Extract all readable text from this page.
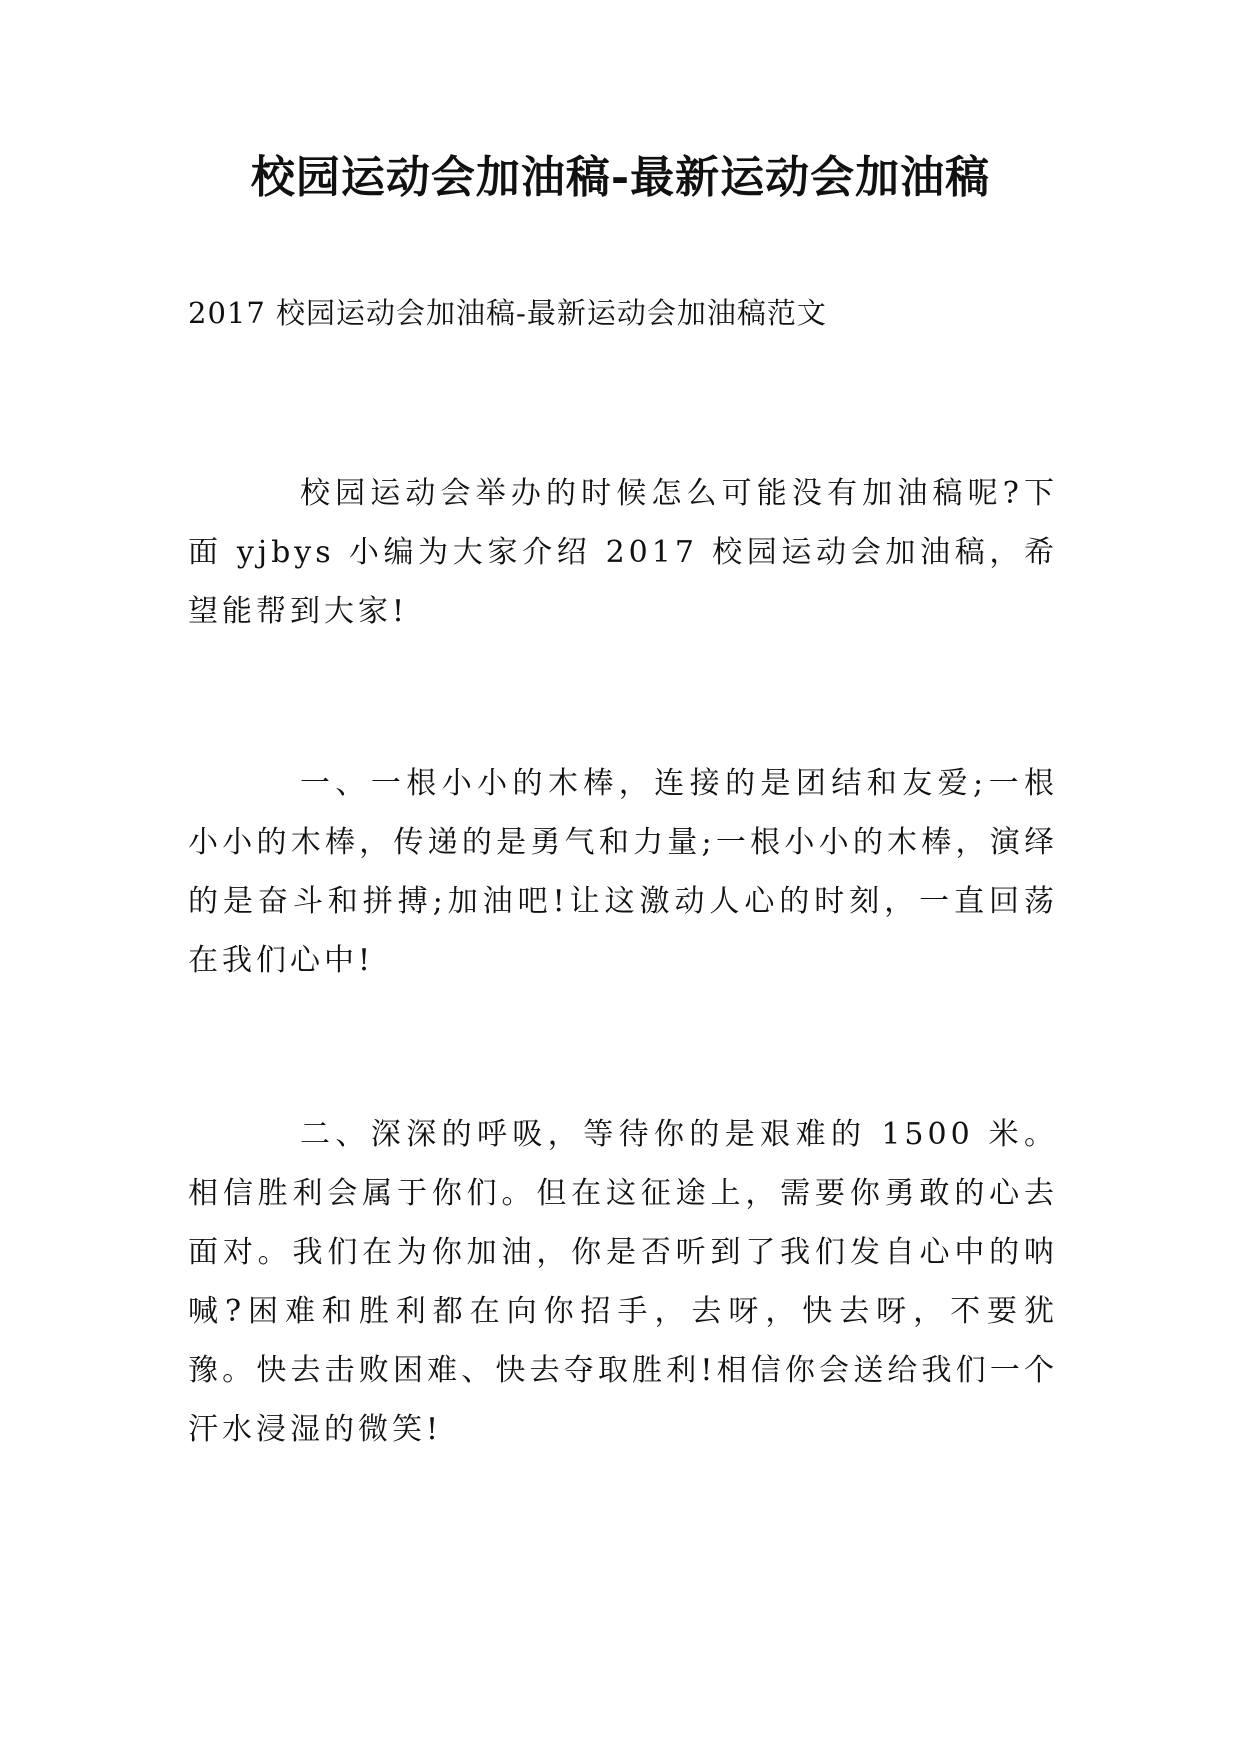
校园运动会加油稿-最新运动会加油稿

2017 校园运动会加油稿-最新运动会加油稿范文

校园运动会举办的时候怎么可能没有加油稿呢?下面 yjbys 小编为大家介绍 2017 校园运动会加油稿，希望能帮到大家!

一、一根小小的木棒，连接的是团结和友爱;一根小小的木棒，传递的是勇气和力量;一根小小的木棒，演绎的是奋斗和拼搏;加油吧!让这激动人心的时刻，一直回荡在我们心中!

二、深深的呼吸，等待你的是艰难的 1500 米。相信胜利会属于你们。但在这征途上，需要你勇敢的心去面对。我们在为你加油，你是否听到了我们发自心中的呐喊?困难和胜利都在向你招手，去呀，快去呀，不要犹豫。快去击败困难、快去夺取胜利!相信你会送给我们一个汗水浸湿的微笑!
